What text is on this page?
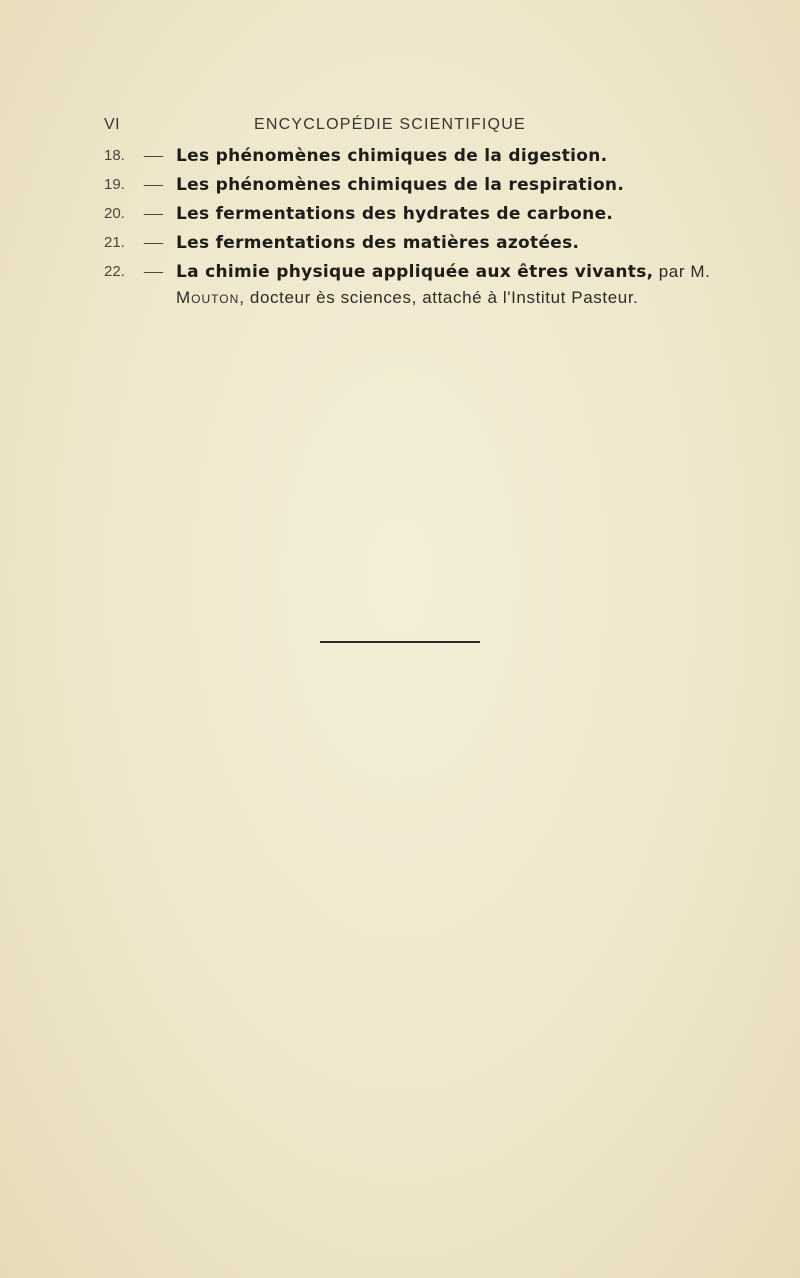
VI	ENCYCLOPÉDIE SCIENTIFIQUE
18. — Les phénomènes chimiques de la digestion.
19. — Les phénomènes chimiques de la respiration.
20. — Les fermentations des hydrates de carbone.
21. — Les fermentations des matières azotées.
22. — La chimie physique appliquée aux êtres vivants, par M. Mouton, docteur ès sciences, attaché à l'Institut Pasteur.
